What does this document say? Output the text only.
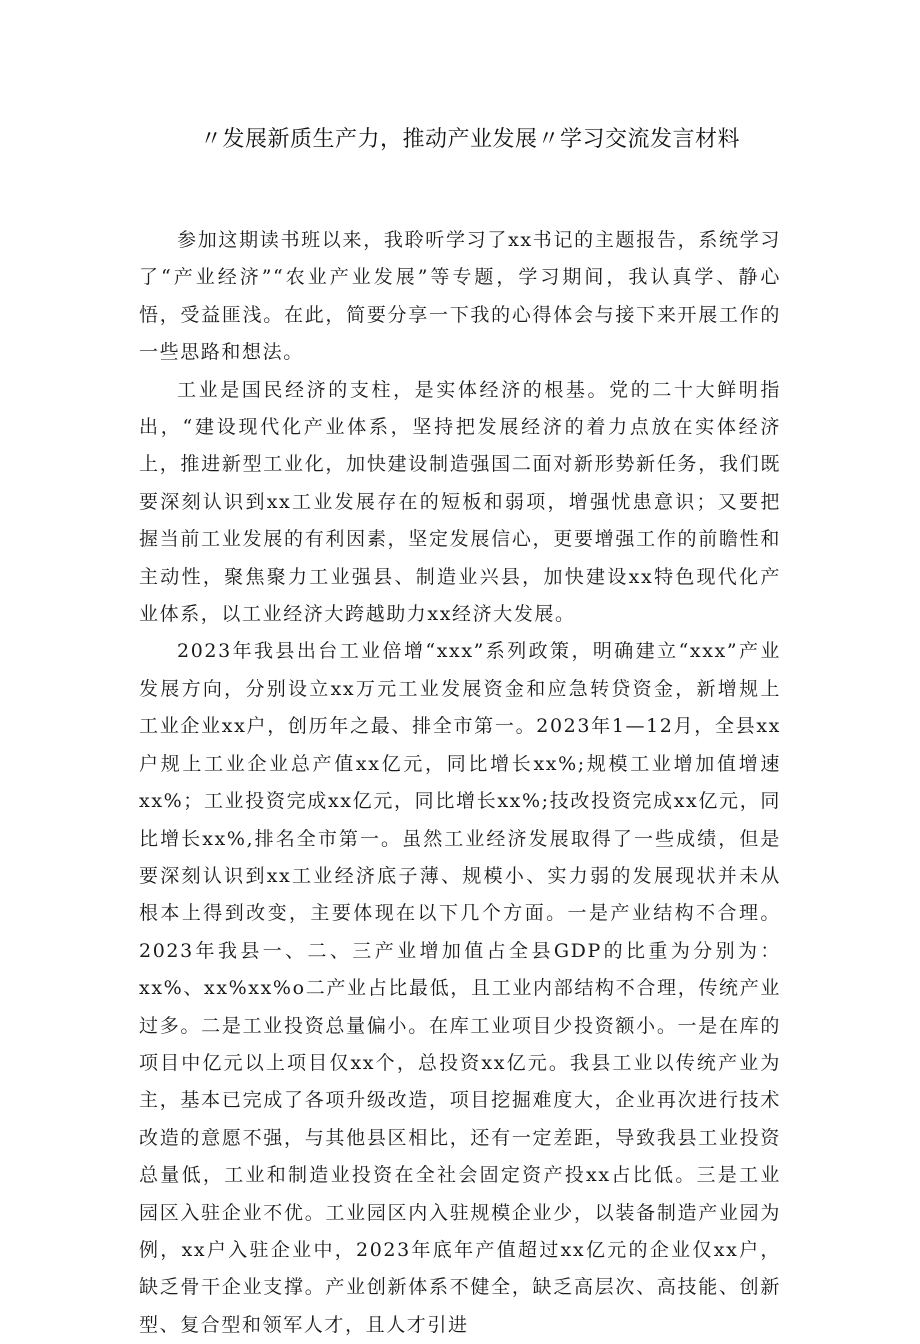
〃发展新质生产力，推动产业发展〃学习交流发言材料

参加这期读书班以来，我聆听学习了xx书记的主题报告，系统学习了“产业经济”“农业产业发展”等专题，学习期间，我认真学、静心悟，受益匪浅。在此，简要分享一下我的心得体会与接下来开展工作的一些思路和想法。

工业是国民经济的支柱，是实体经济的根基。党的二十大鲜明指出，“建设现代化产业体系，坚持把发展经济的着力点放在实体经济上，推进新型工业化，加快建设制造强国二面对新形势新任务，我们既要深刻认识到xx工业发展存在的短板和弱项，增强忧患意识；又要把握当前工业发展的有利因素，坚定发展信心，更要增强工作的前瞻性和主动性，聚焦聚力工业强县、制造业兴县，加快建设xx特色现代化产业体系，以工业经济大跨越助力xx经济大发展。

2023年我县出台工业倍增“xxx”系列政策，明确建立“xxx”产业发展方向，分别设立xx万元工业发展资金和应急转贷资金，新增规上工业企业xx户，创历年之最、排全市第一。2023年1—12月，全县xx户规上工业企业总产值xx亿元，同比增长xx%;规模工业增加值增速xx%；工业投资完成xx亿元，同比增长xx%;技改投资完成xx亿元，同比增长xx%,排名全市第一。虽然工业经济发展取得了一些成绩，但是要深刻认识到xx工业经济底子薄、规模小、实力弱的发展现状并未从根本上得到改变，主要体现在以下几个方面。一是产业结构不合理。2023年我县一、二、三产业增加值占全县GDP的比重为分别为：xx%、xx%xx%o二产业占比最低，且工业内部结构不合理，传统产业过多。二是工业投资总量偏小。在库工业项目少投资额小。一是在库的项目中亿元以上项目仅xx个，总投资xx亿元。我县工业以传统产业为主，基本已完成了各项升级改造，项目挖掘难度大，企业再次进行技术改造的意愿不强，与其他县区相比，还有一定差距，导致我县工业投资总量低，工业和制造业投资在全社会固定资产投xx占比低。三是工业园区入驻企业不优。工业园区内入驻规模企业少，以装备制造产业园为例，xx户入驻企业中，2023年底年产值超过xx亿元的企业仅xx户，缺乏骨干企业支撑。产业创新体系不健全，缺乏高层次、高技能、创新型、复合型和领军人才，且人才引进
